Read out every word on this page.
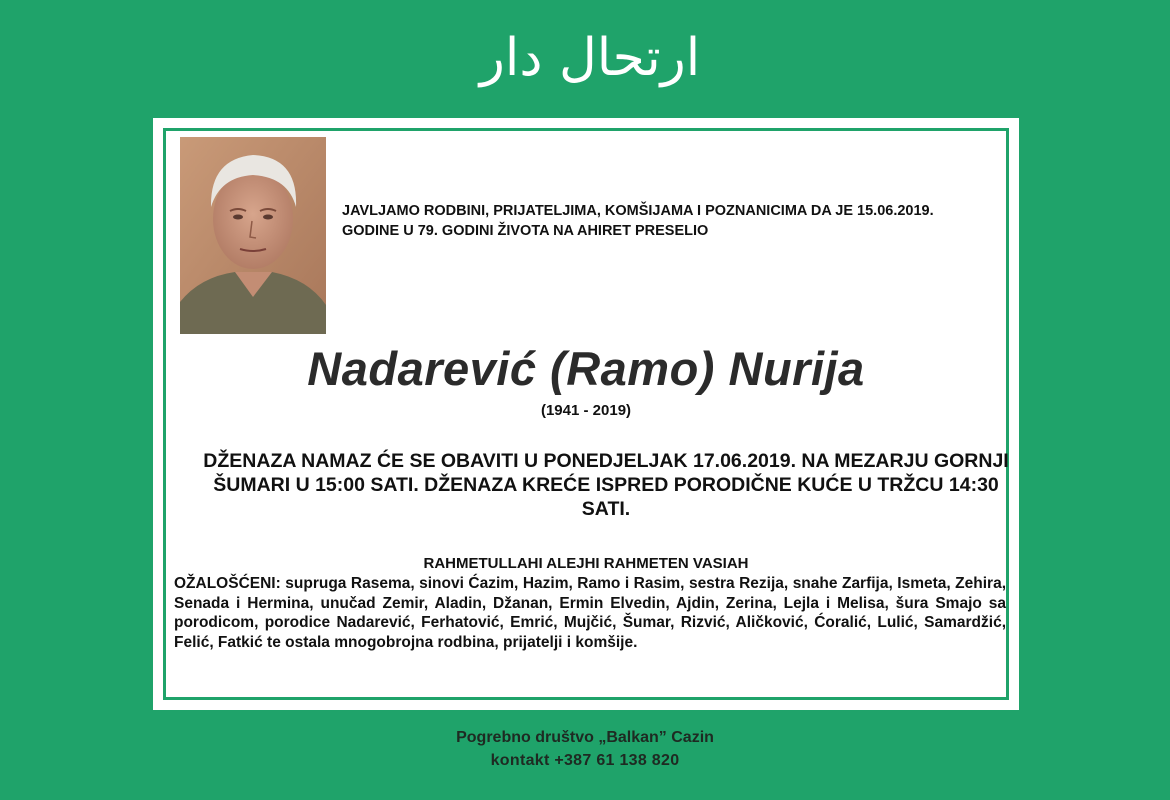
ارتحال دار
JAVLJAMO RODBINI, PRIJATELJIMA, KOMŠIJAMA I POZNANICIMA DA JE 15.06.2019. GODINE U 79. GODINI ŽIVOTA NA AHIRET PRESELIO
Nadarević (Ramo) Nurija
(1941 - 2019)
DŽENAZA NAMAZ ĆE SE OBAVITI U PONEDJELJAK 17.06.2019. NA MEZARJU GORNJI ŠUMARI U 15:00 SATI. DŽENAZA KREĆE ISPRED PORODIČNE KUĆE U TRŽCU 14:30 SATI.
RAHMETULLAHI ALEJHI RAHMETEN VASIAH
OŽALOŠĆENI: supruga Rasema, sinovi Ćazim, Hazim, Ramo i Rasim, sestra Rezija, snahe Zarfija, Ismeta, Zehira, Senada i Hermina, unučad Zemir, Aladin, Džanan, Ermin Elvedin, Ajdin, Zerina, Lejla i Melisa, šura Smajo sa porodicom, porodice Nadarević, Ferhatović, Emrić, Mujčić, Šumar, Rizvić, Aličković, Ćoralić, Lulić, Samardžić, Felić, Fatkić te ostala mnogobrojna rodbina, prijatelji i komšije.
Pogrebno društvo „Balkan” Cazin
kontakt +387 61 138 820
